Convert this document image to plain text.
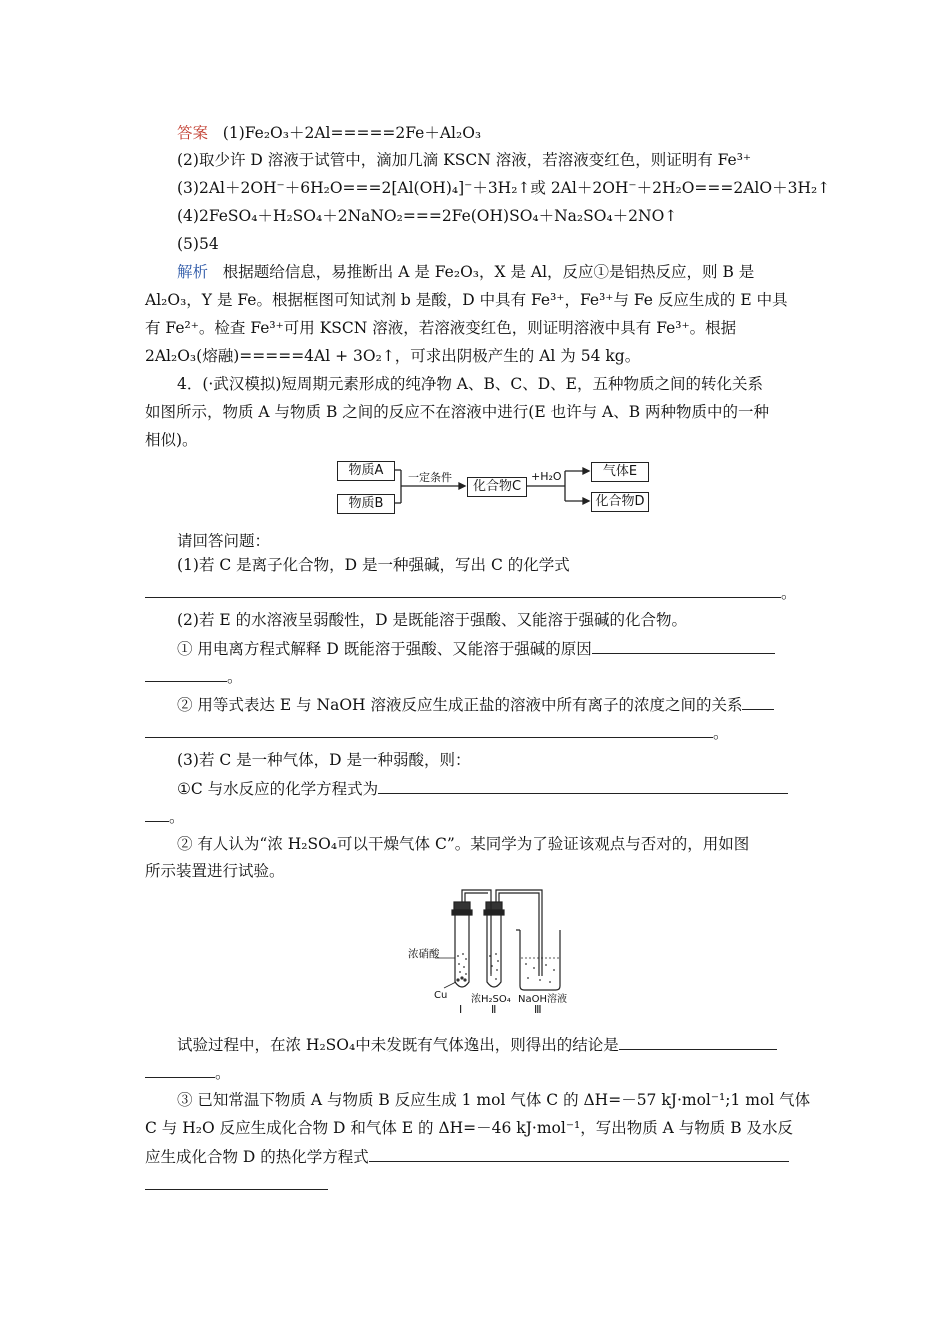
答案 (1)Fe₂O₃＋2Al=====2Fe＋Al₂O₃
(2)取少许 D 溶液于试管中，滴加几滴 KSCN 溶液，若溶液变红色，则证明有 Fe³⁺
(3)2Al＋2OH⁻＋6H₂O===2[Al(OH)₄]⁻＋3H₂↑或 2Al＋2OH⁻＋2H₂O===2AlO＋3H₂↑
(4)2FeSO₄＋H₂SO₄＋2NaNO₂===2Fe(OH)SO₄＋Na₂SO₄＋2NO↑
(5)54
解析 根据题给信息，易推断出 A 是 Fe₂O₃，X 是 Al，反应①是铝热反应，则 B 是
Al₂O₃，Y 是 Fe。根据框图可知试剂 b 是酸，D 中具有 Fe³⁺，Fe³⁺与 Fe 反应生成的 E 中具
有 Fe²⁺。检查 Fe³⁺可用 KSCN 溶液，若溶液变红色，则证明溶液中具有 Fe³⁺。根据
2Al₂O₃(熔融)=====4Al + 3O₂↑，可求出阴极产生的 Al 为 54 kg。
4．(·武汉模拟)短周期元素形成的纯净物 A、B、C、D、E，五种物质之间的转化关系
如图所示，物质 A 与物质 B 之间的反应不在溶液中进行(E 也许与 A、B 两种物质中的一种
相似)。
物质A
物质B
一定条件
化合物C
+H₂O	气体E
化合物D
请回答问题：
(1)若 C 是离子化合物，D 是一种强碱，写出 C 的化学式
。
(2)若 E 的水溶液呈弱酸性，D 是既能溶于强酸、又能溶于强碱的化合物。
① 用电离方程式解释 D 既能溶于强酸、又能溶于强碱的原因
。
② 用等式表达 E 与 NaOH 溶液反应生成正盐的溶液中所有离子的浓度之间的关系
。
(3)若 C 是一种气体，D 是一种弱酸，则：
①C 与水反应的化学方程式为
。
② 有人认为“浓 H₂SO₄可以干燥气体 C”。某同学为了验证该观点与否对的，用如图
所示装置进行试验。
浓硝酸
Cu 浓H₂SO₄ NaOH溶液
Ⅰ	Ⅱ	Ⅲ
试验过程中，在浓 H₂SO₄中未发既有气体逸出，则得出的结论是
。
③ 已知常温下物质 A 与物质 B 反应生成 1 mol 气体 C 的 ΔH=－57 kJ·mol⁻¹;1 mol 气体
C 与 H₂O 反应生成化合物 D 和气体 E 的 ΔH=－46 kJ·mol⁻¹，写出物质 A 与物质 B 及水反
应生成化合物 D 的热化学方程式
